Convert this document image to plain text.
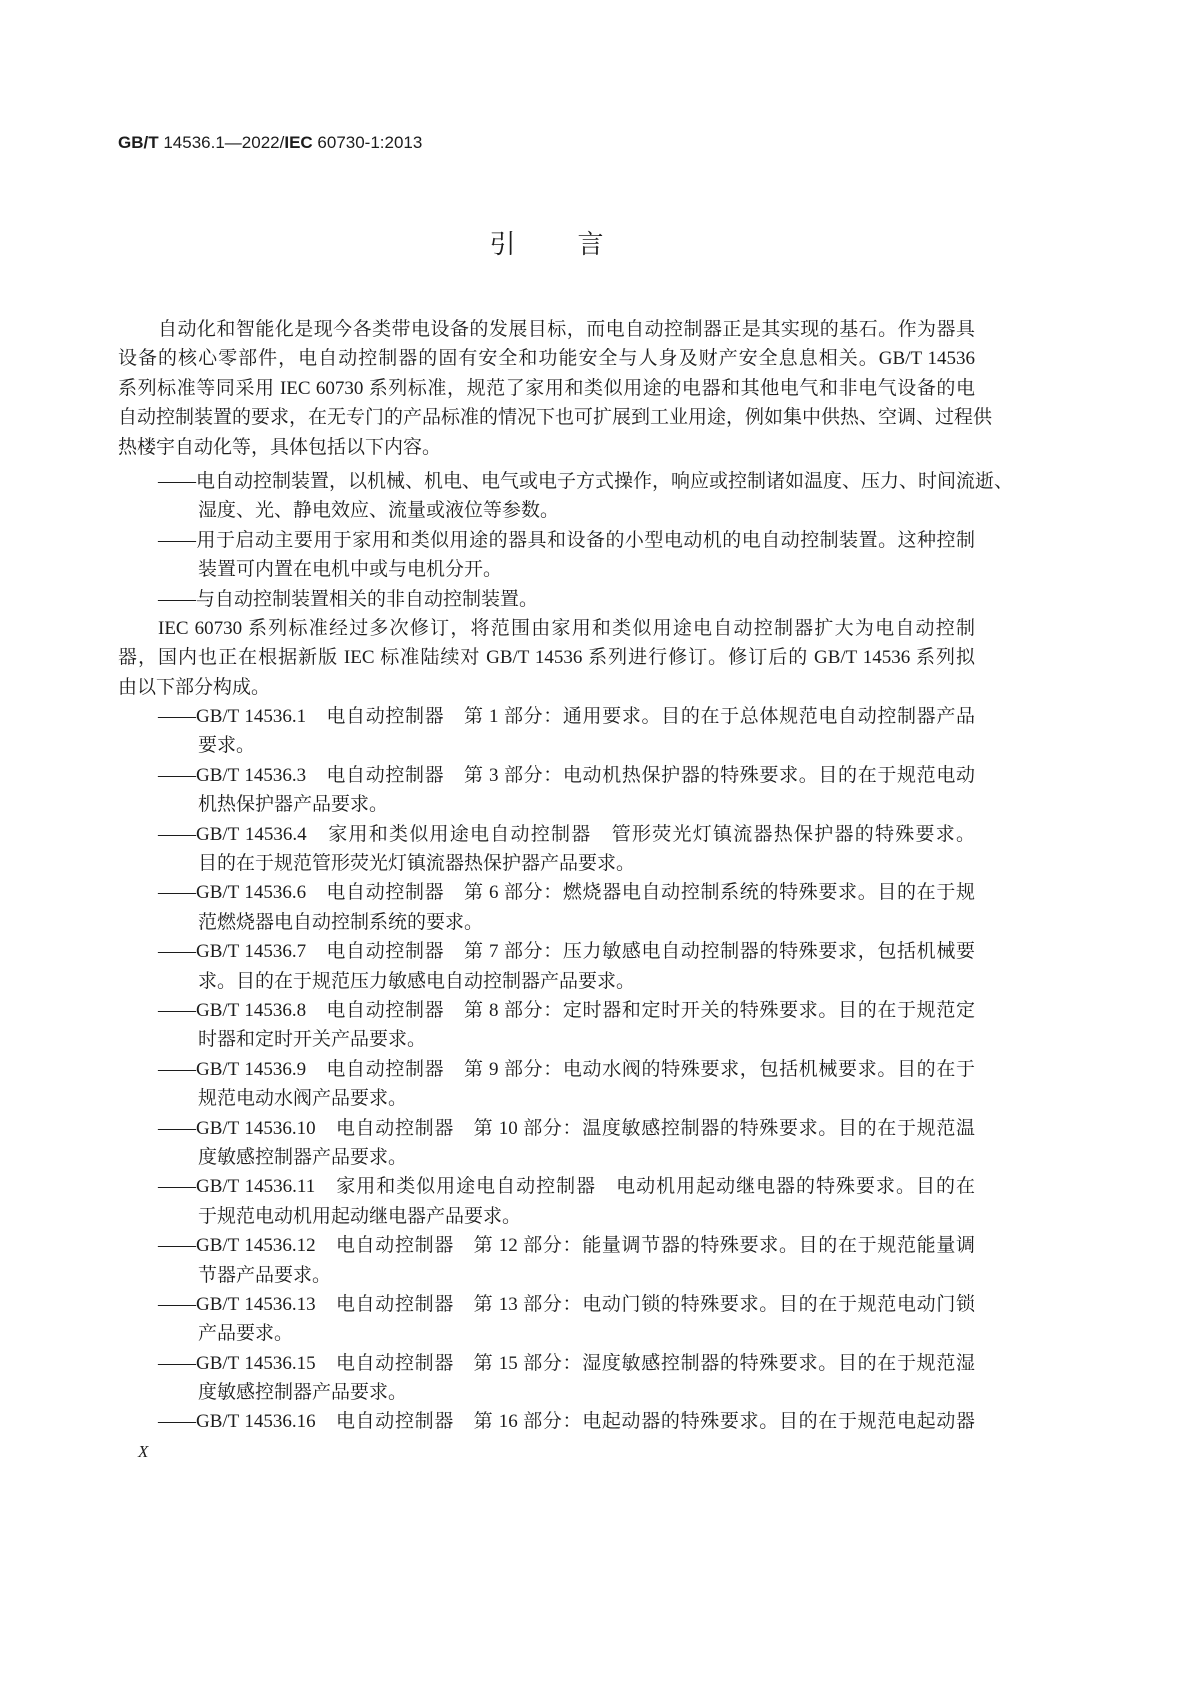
GB/T 14536.1—2022/IEC 60730-1:2013
引言
自动化和智能化是现今各类带电设备的发展目标，而电自动控制器正是其实现的基石。作为器具
设备的核心零部件，电自动控制器的固有安全和功能安全与人身及财产安全息息相关。GB/T 14536
系列标准等同采用 IEC 60730 系列标准，规范了家用和类似用途的电器和其他电气和非电气设备的电
自动控制装置的要求，在无专门的产品标准的情况下也可扩展到工业用途，例如集中供热、空调、过程供
热楼宇自动化等，具体包括以下内容。
——电自动控制装置，以机械、机电、电气或电子方式操作，响应或控制诸如温度、压力、时间流逝、
湿度、光、静电效应、流量或液位等参数。
——用于启动主要用于家用和类似用途的器具和设备的小型电动机的电自动控制装置。这种控制
装置可内置在电机中或与电机分开。
——与自动控制装置相关的非自动控制装置。
IEC 60730 系列标准经过多次修订，将范围由家用和类似用途电自动控制器扩大为电自动控制
器，国内也正在根据新版 IEC 标准陆续对 GB/T 14536 系列进行修订。修订后的 GB/T 14536 系列拟
由以下部分构成。
——GB/T 14536.1　电自动控制器　第 1 部分：通用要求。目的在于总体规范电自动控制器产品
要求。
——GB/T 14536.3　电自动控制器　第 3 部分：电动机热保护器的特殊要求。目的在于规范电动
机热保护器产品要求。
——GB/T 14536.4　家用和类似用途电自动控制器　管形荧光灯镇流器热保护器的特殊要求。
目的在于规范管形荧光灯镇流器热保护器产品要求。
——GB/T 14536.6　电自动控制器　第 6 部分：燃烧器电自动控制系统的特殊要求。目的在于规
范燃烧器电自动控制系统的要求。
——GB/T 14536.7　电自动控制器　第 7 部分：压力敏感电自动控制器的特殊要求，包括机械要
求。目的在于规范压力敏感电自动控制器产品要求。
——GB/T 14536.8　电自动控制器　第 8 部分：定时器和定时开关的特殊要求。目的在于规范定
时器和定时开关产品要求。
——GB/T 14536.9　电自动控制器　第 9 部分：电动水阀的特殊要求，包括机械要求。目的在于
规范电动水阀产品要求。
——GB/T 14536.10　电自动控制器　第 10 部分：温度敏感控制器的特殊要求。目的在于规范温
度敏感控制器产品要求。
——GB/T 14536.11　家用和类似用途电自动控制器　电动机用起动继电器的特殊要求。目的在
于规范电动机用起动继电器产品要求。
——GB/T 14536.12　电自动控制器　第 12 部分：能量调节器的特殊要求。目的在于规范能量调
节器产品要求。
——GB/T 14536.13　电自动控制器　第 13 部分：电动门锁的特殊要求。目的在于规范电动门锁
产品要求。
——GB/T 14536.15　电自动控制器　第 15 部分：湿度敏感控制器的特殊要求。目的在于规范湿
度敏感控制器产品要求。
——GB/T 14536.16　电自动控制器　第 16 部分：电起动器的特殊要求。目的在于规范电起动器
X
